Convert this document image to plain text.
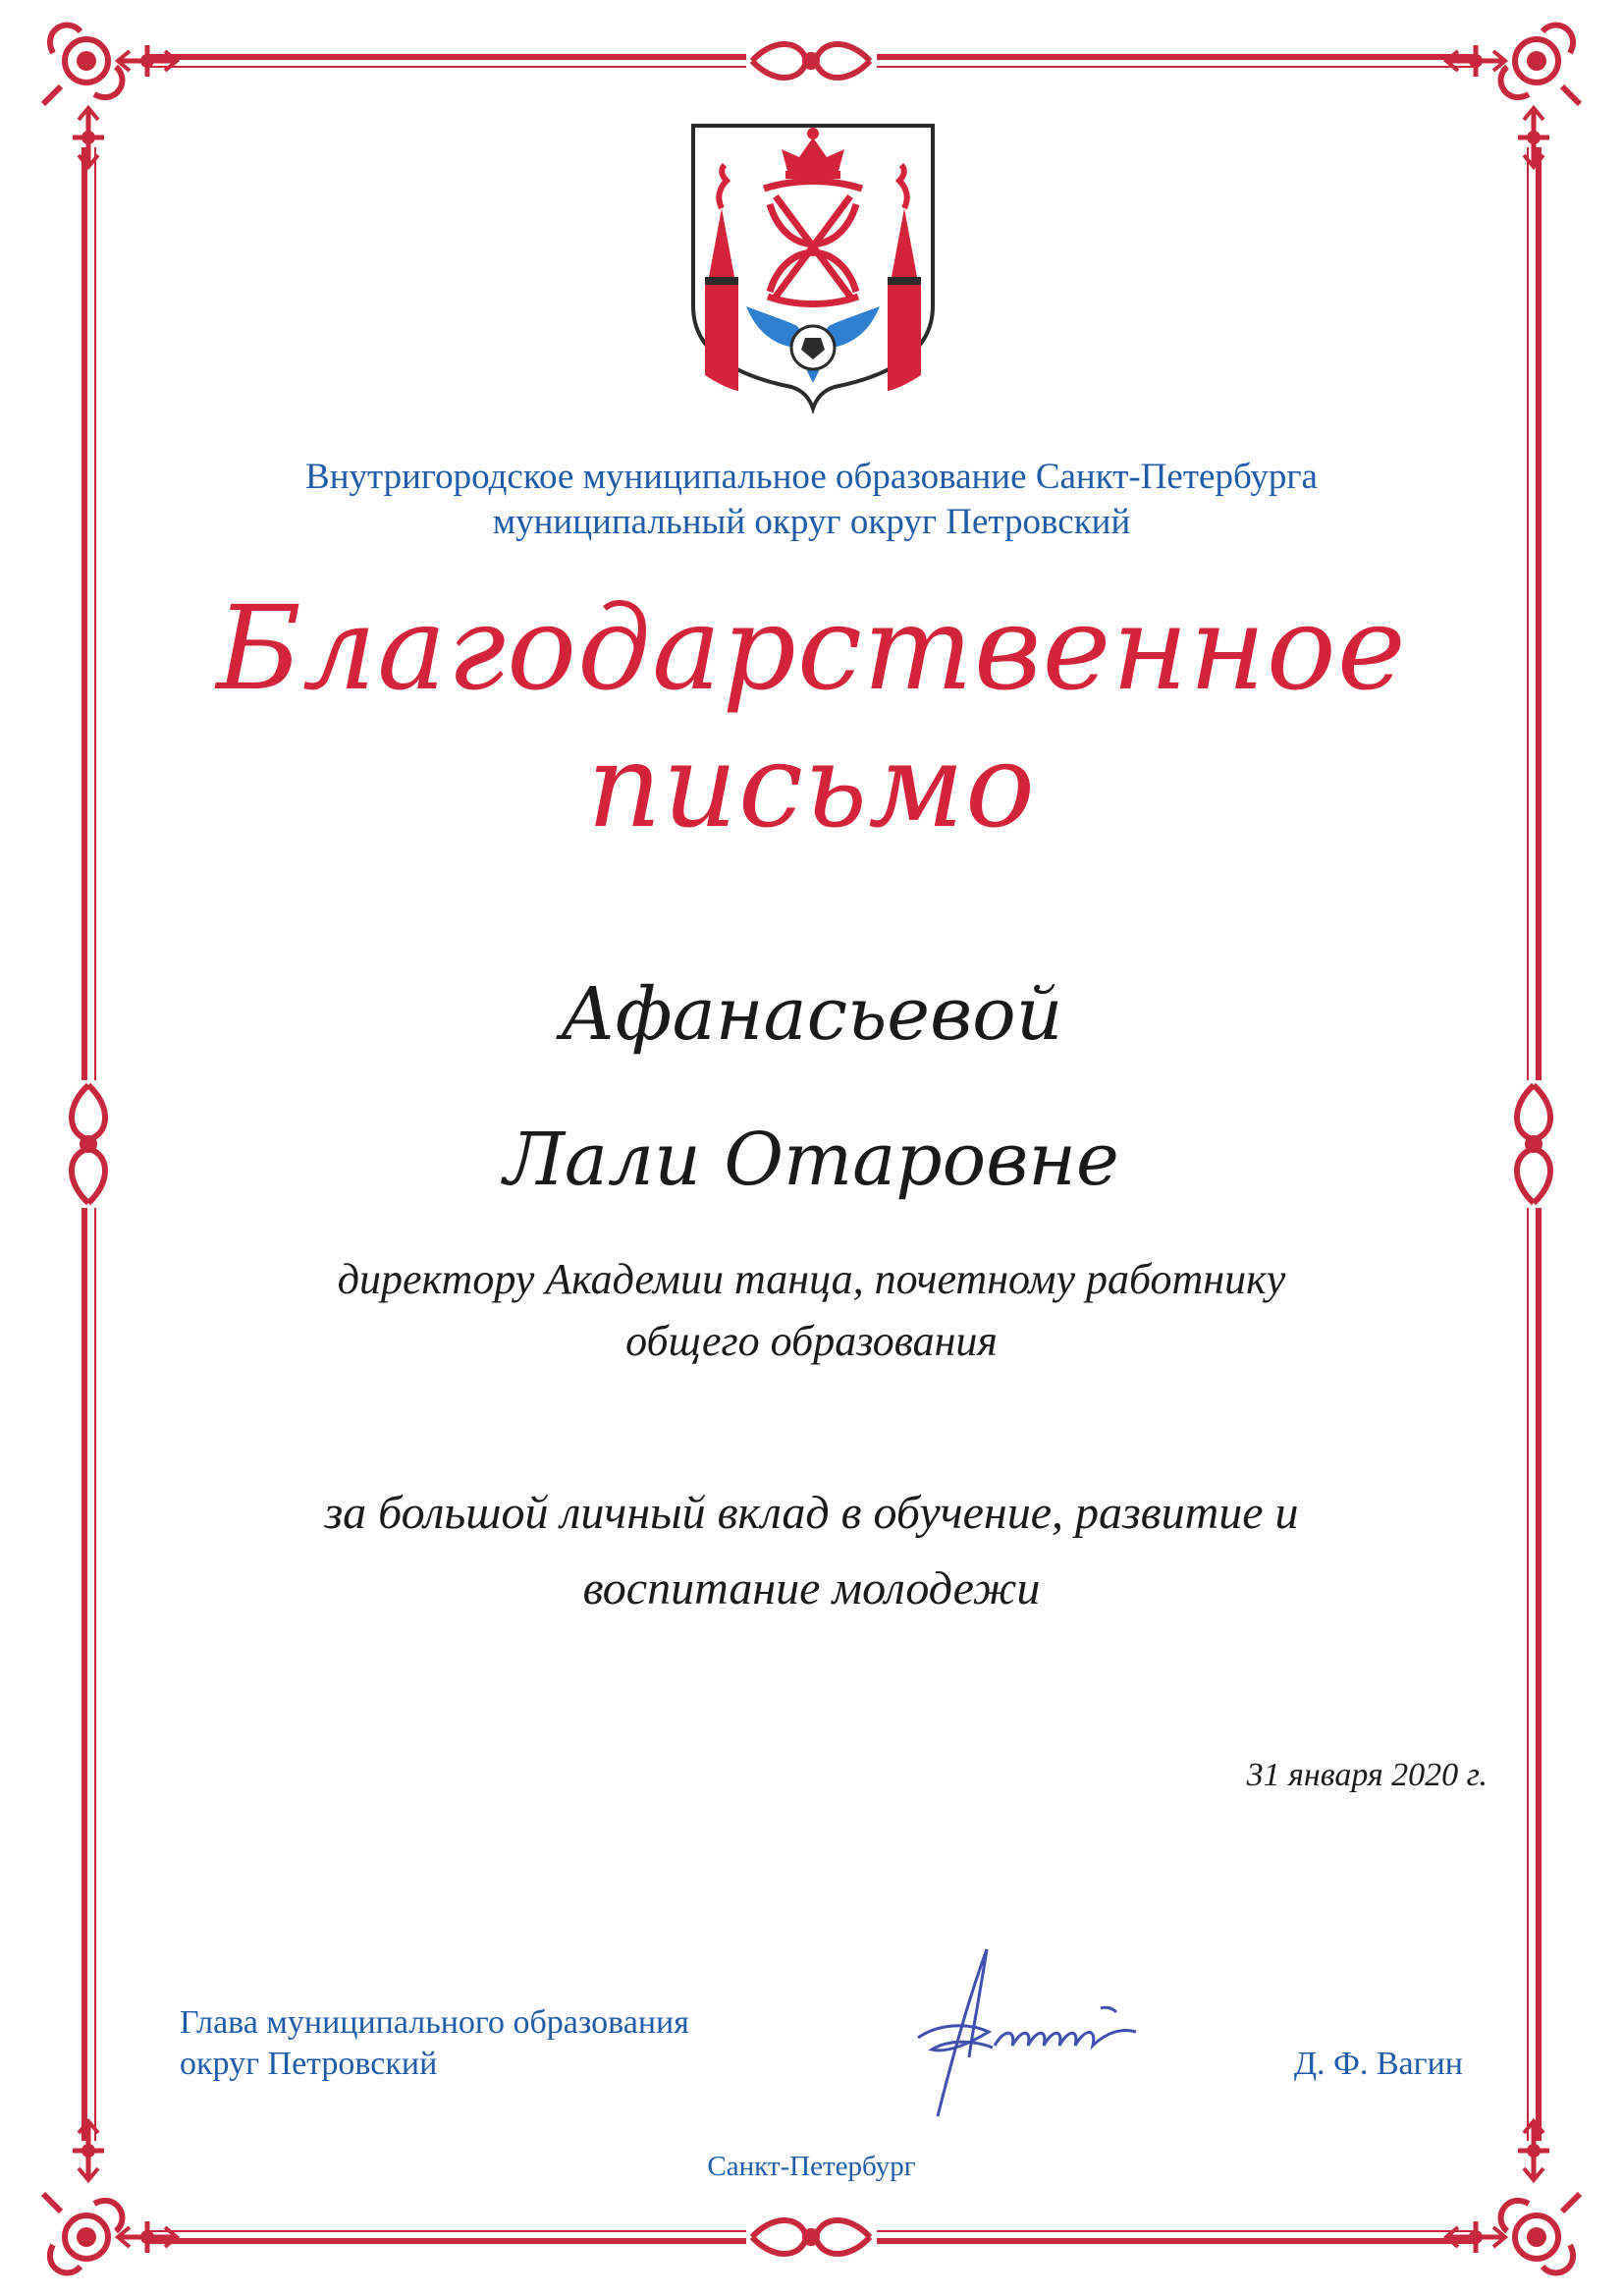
Внутригородское муниципальное образование Санкт-Петербурга
муниципальный округ округ Петровский
Благодарственное письмо
Афанасьевой
Лали Отаровне
директору Академии танца, почетному работнику
общего образования
за большой личный вклад в обучение, развитие и
воспитание молодежи
31 января 2020 г.
Глава муниципального образования
округ Петровский	Д. Ф. Вагин
Санкт-Петербург
